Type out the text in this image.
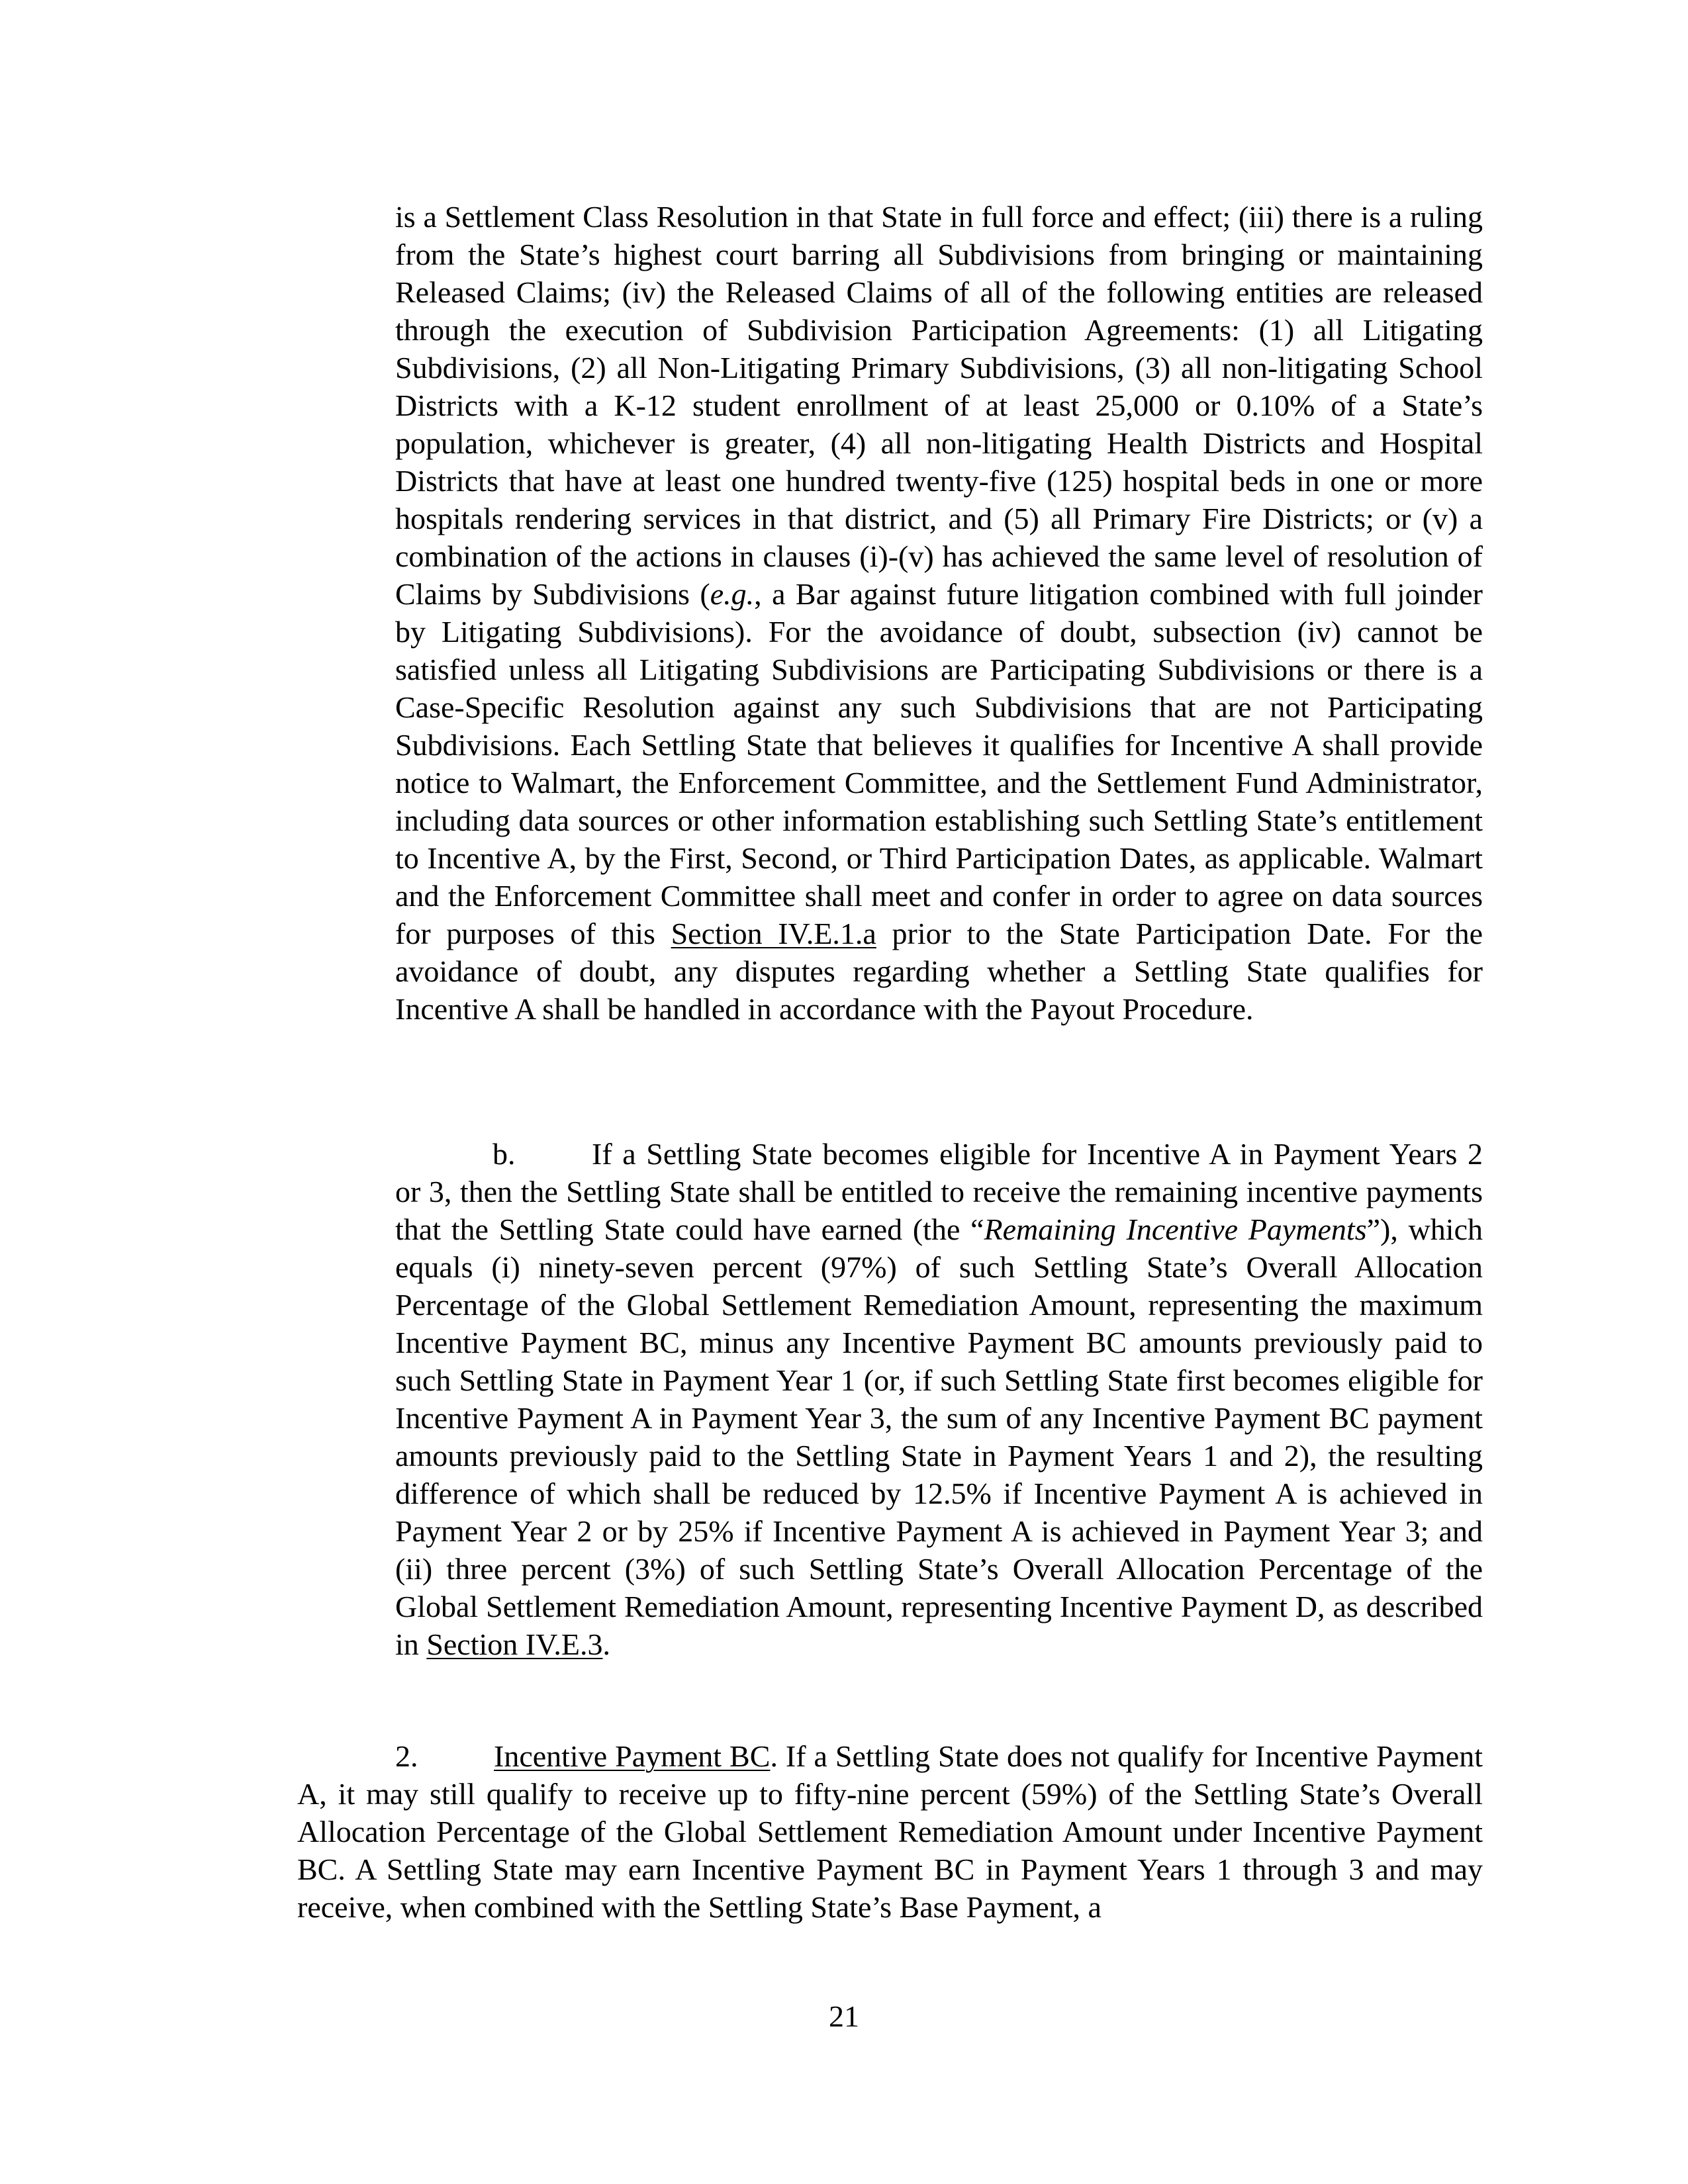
is a Settlement Class Resolution in that State in full force and effect; (iii) there is a ruling from the State’s highest court barring all Subdivisions from bringing or maintaining Released Claims; (iv) the Released Claims of all of the following entities are released through the execution of Subdivision Participation Agreements: (1) all Litigating Subdivisions, (2) all Non-Litigating Primary Subdivisions, (3) all non-litigating School Districts with a K-12 student enrollment of at least 25,000 or 0.10% of a State’s population, whichever is greater, (4) all non-litigating Health Districts and Hospital Districts that have at least one hundred twenty-five (125) hospital beds in one or more hospitals rendering services in that district, and (5) all Primary Fire Districts; or (v) a combination of the actions in clauses (i)-(v) has achieved the same level of resolution of Claims by Subdivisions (e.g., a Bar against future litigation combined with full joinder by Litigating Subdivisions). For the avoidance of doubt, subsection (iv) cannot be satisfied unless all Litigating Subdivisions are Participating Subdivisions or there is a Case-Specific Resolution against any such Subdivisions that are not Participating Subdivisions. Each Settling State that believes it qualifies for Incentive A shall provide notice to Walmart, the Enforcement Committee, and the Settlement Fund Administrator, including data sources or other information establishing such Settling State’s entitlement to Incentive A, by the First, Second, or Third Participation Dates, as applicable. Walmart and the Enforcement Committee shall meet and confer in order to agree on data sources for purposes of this Section IV.E.1.a prior to the State Participation Date. For the avoidance of doubt, any disputes regarding whether a Settling State qualifies for Incentive A shall be handled in accordance with the Payout Procedure.

b.	If a Settling State becomes eligible for Incentive A in Payment Years 2 or 3, then the Settling State shall be entitled to receive the remaining incentive payments that the Settling State could have earned (the “Remaining Incentive Payments”), which equals (i) ninety-seven percent (97%) of such Settling State’s Overall Allocation Percentage of the Global Settlement Remediation Amount, representing the maximum Incentive Payment BC, minus any Incentive Payment BC amounts previously paid to such Settling State in Payment Year 1 (or, if such Settling State first becomes eligible for Incentive Payment A in Payment Year 3, the sum of any Incentive Payment BC payment amounts previously paid to the Settling State in Payment Years 1 and 2), the resulting difference of which shall be reduced by 12.5% if Incentive Payment A is achieved in Payment Year 2 or by 25% if Incentive Payment A is achieved in Payment Year 3; and (ii) three percent (3%) of such Settling State’s Overall Allocation Percentage of the Global Settlement Remediation Amount, representing Incentive Payment D, as described in Section IV.E.3.

2. Incentive Payment BC. If a Settling State does not qualify for Incentive Payment A, it may still qualify to receive up to fifty-nine percent (59%) of the Settling State’s Overall Allocation Percentage of the Global Settlement Remediation Amount under Incentive Payment BC. A Settling State may earn Incentive Payment BC in Payment Years 1 through 3 and may receive, when combined with the Settling State’s Base Payment, a

21
